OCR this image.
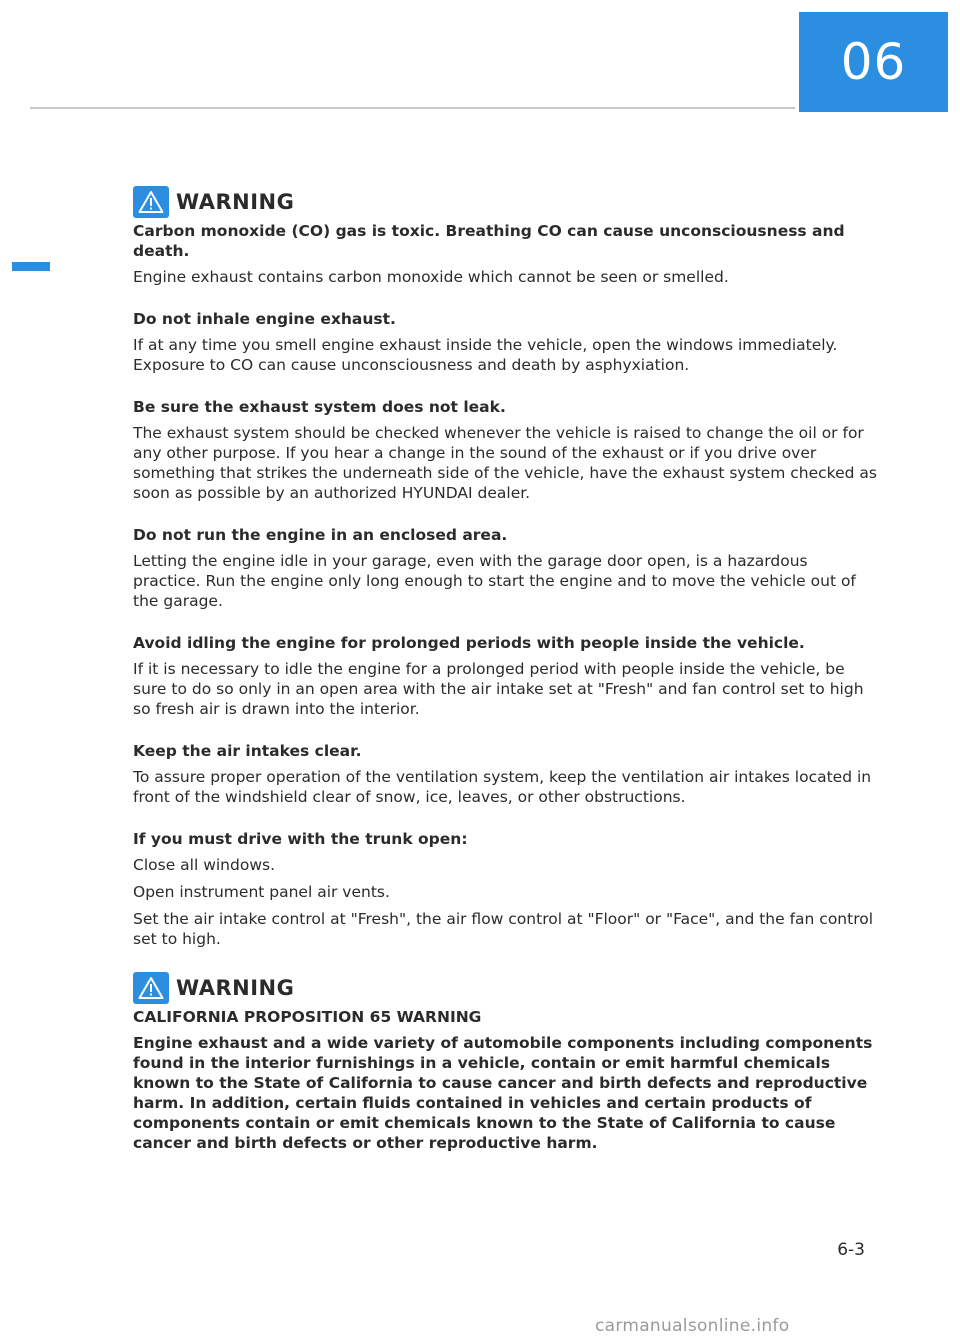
06
WARNING

Carbon monoxide (CO) gas is toxic. Breathing CO can cause unconsciousness and death.

Engine exhaust contains carbon monoxide which cannot be seen or smelled.

Do not inhale engine exhaust.

If at any time you smell engine exhaust inside the vehicle, open the windows immediately. Exposure to CO can cause unconsciousness and death by asphyxiation.

Be sure the exhaust system does not leak.

The exhaust system should be checked whenever the vehicle is raised to change the oil or for any other purpose. If you hear a change in the sound of the exhaust or if you drive over something that strikes the underneath side of the vehicle, have the exhaust system checked as soon as possible by an authorized HYUNDAI dealer.

Do not run the engine in an enclosed area.

Letting the engine idle in your garage, even with the garage door open, is a hazardous practice. Run the engine only long enough to start the engine and to move the vehicle out of the garage.

Avoid idling the engine for prolonged periods with people inside the vehicle.

If it is necessary to idle the engine for a prolonged period with people inside the vehicle, be sure to do so only in an open area with the air intake set at "Fresh" and fan control set to high so fresh air is drawn into the interior.

Keep the air intakes clear.

To assure proper operation of the ventilation system, keep the ventilation air intakes located in front of the windshield clear of snow, ice, leaves, or other obstructions.

If you must drive with the trunk open:

Close all windows.

Open instrument panel air vents.

Set the air intake control at "Fresh", the air flow control at "Floor" or "Face", and the fan control set to high.

WARNING

CALIFORNIA PROPOSITION 65 WARNING

Engine exhaust and a wide variety of automobile components including components found in the interior furnishings in a vehicle, contain or emit harmful chemicals known to the State of California to cause cancer and birth defects and reproductive harm. In addition, certain fluids contained in vehicles and certain products of components contain or emit chemicals known to the State of California to cause cancer and birth defects or other reproductive harm.

6-3
carmanualsonline.info
